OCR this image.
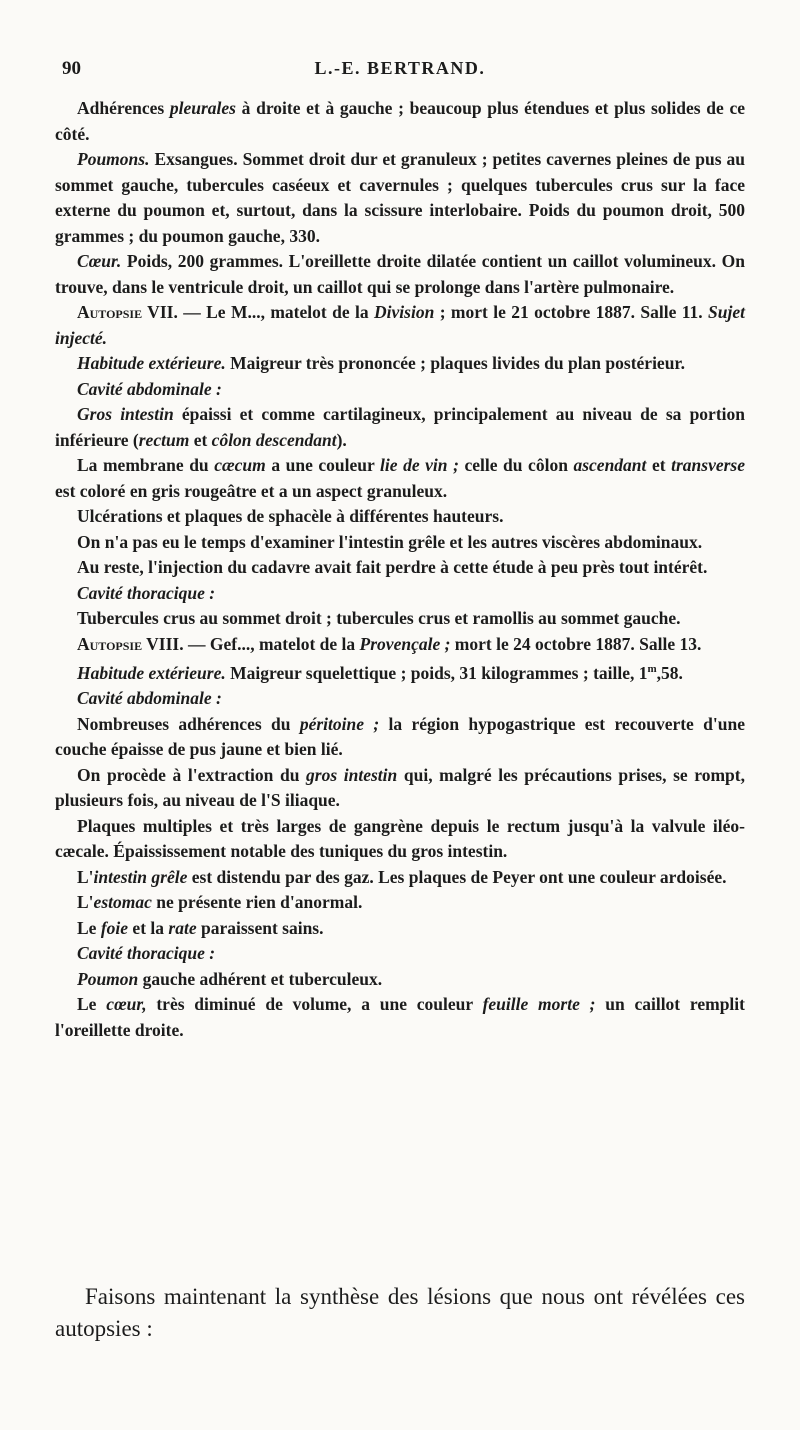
90	L.-E. BERTRAND.

Adhérences pleurales à droite et à gauche ; beaucoup plus étendues et plus solides de ce côté.

Poumons. Exsangues. Sommet droit dur et granuleux ; petites cavernes pleines de pus au sommet gauche, tubercules caséeux et cavernules ; quelques tubercules crus sur la face externe du poumon et, surtout, dans la scissure interlobaire. Poids du poumon droit, 500 grammes ; du poumon gauche, 330.

Cœur. Poids, 200 grammes. L'oreillette droite dilatée contient un caillot volumineux. On trouve, dans le ventricule droit, un caillot qui se prolonge dans l'artère pulmonaire.

Autopsie VII. — Le M..., matelot de la Division ; mort le 21 octobre 1887. Salle 11. Sujet injecté.

Habitude extérieure. Maigreur très prononcée ; plaques livides du plan postérieur.

Cavité abdominale :

Gros intestin épaissi et comme cartilagineux, principalement au niveau de sa portion inférieure (rectum et côlon descendant).

La membrane du cæcum a une couleur lie de vin ; celle du côlon ascendant et transverse est coloré en gris rougeâtre et a un aspect granuleux.

Ulcérations et plaques de sphacèle à différentes hauteurs.

On n'a pas eu le temps d'examiner l'intestin grêle et les autres viscères abdominaux.

Au reste, l'injection du cadavre avait fait perdre à cette étude à peu près tout intérêt.

Cavité thoracique :

Tubercules crus au sommet droit ; tubercules crus et ramollis au sommet gauche.

Autopsie VIII. — Gef..., matelot de la Provençale ; mort le 24 octobre 1887. Salle 13.

Habitude extérieure. Maigreur squelettique ; poids, 31 kilogrammes ; taille, 1$^m$,58.

Cavité abdominale :

Nombreuses adhérences du péritoine ; la région hypogastrique est recouverte d'une couche épaisse de pus jaune et bien lié.

On procède à l'extraction du gros intestin qui, malgré les précautions prises, se rompt, plusieurs fois, au niveau de l'S iliaque.

Plaques multiples et très larges de gangrène depuis le rectum jusqu'à la valvule iléo-cæcale. Épaississement notable des tuniques du gros intestin.

L'intestin grêle est distendu par des gaz. Les plaques de Peyer ont une couleur ardoisée.

L'estomac ne présente rien d'anormal.

Le foie et la rate paraissent sains.

Cavité thoracique :

Poumon gauche adhérent et tuberculeux.

Le cœur, très diminué de volume, a une couleur feuille morte ; un caillot remplit l'oreillette droite.

Faisons maintenant la synthèse des lésions que nous ont révélées ces autopsies :
